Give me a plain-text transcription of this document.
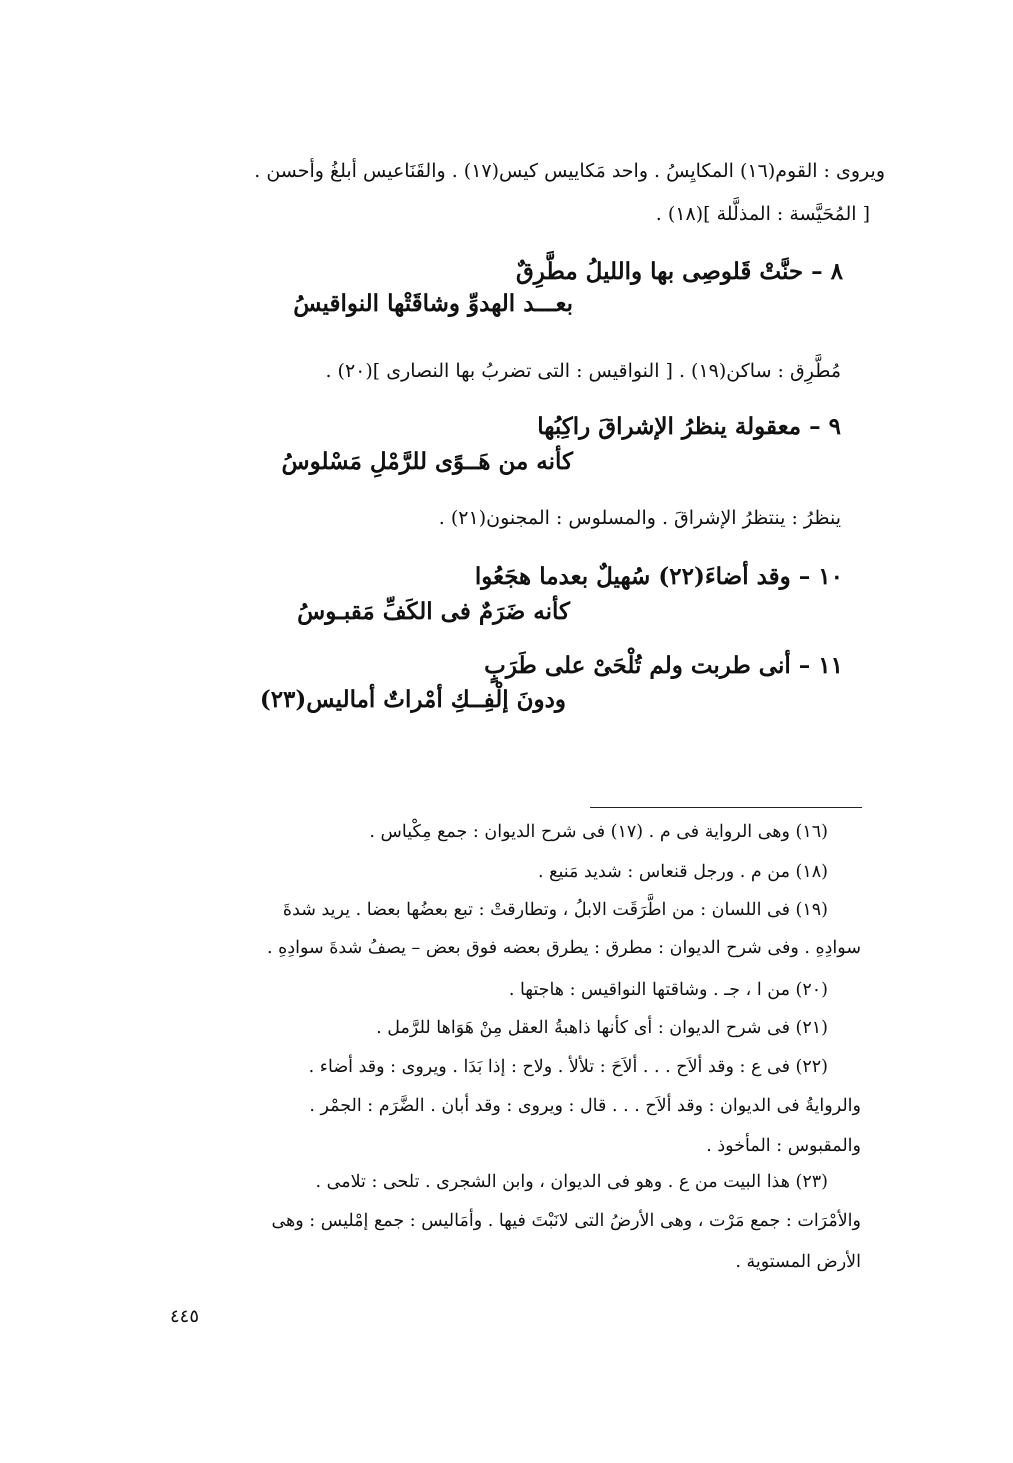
ويروى : القوم(١٦) المكايِسُ . واحد مَكاييس كيس(١٧) . والقَنَاعيس أبلغُ وأحسن .
[ المُحَيَّسة : المذلَّلة ](١٨) .
٨ – حنَّتْ قَلوصِى بها والليلُ مطَّرِقٌ
بعـــد الهدوِّ وشاقَتْها النواقيسُ
مُطَّرِق : ساكن(١٩) . [ النواقيس : التى تضربُ بها النصارى ](٢٠) .
٩ – معقولة ينظرُ الإشراقَ راكِبُها
كأنه من هَــوًى للرَّمْلِ مَسْلوسُ
ينظرُ : ينتظرُ الإشراقَ . والمسلوس : المجنون(٢١) .
١٠ – وقد أضاءَ(٢٢) سُهيلٌ بعدما هجَعُوا
كأنه ضَرَمٌ فى الكَفِّ مَقبـوسُ
١١ – أنى طربت ولم تُلْحَىْ على طَرَبٍ
ودونَ إلْفِــكِ أمْراتٌ أماليس(٢٣)
(١٦) وهى الرواية فى م . (١٧) فى شرح الديوان : جمع مِكْياس .
(١٨) من م . ورجل قنعاس : شديد مَنيع .
(١٩) فى اللسان : من اطَّرَقَت الابلُ ، وتطارقتْ : تبع بعضُها بعضا . يريد شدةَ
سوادِهِ . وفى شرح الديوان : مطرق : يطرق بعضه فوق بعض – يصفُ شدةَ سوادِهِ .
(٢٠) من ا ، جـ . وشاقتها النواقيس : هاجتها .
(٢١) فى شرح الديوان : أى كأنها ذاهبةُ العقل مِنْ هَوَاها للرَّمل .
(٢٢) فى ع : وقد ألاَح . . . ألاَحَ : تلألأ . ولاح : إذا بَدَا . ويروى : وقد أضاء .
والروايةُ فى الديوان : وقد ألاَح . . . قال : ويروى : وقد أبان . الضَّرَم : الجمْر .
والمقبوس : المأخوذ .
(٢٣) هذا البيت من ع . وهو فى الديوان ، وابن الشجرى . تلحى : تلامى .
والأمْرَات : جمع مَرْت ، وهى الأرضُ التى لانَبْتَ فيها . وأمَاليس : جمع إمْليس : وهى
الأرض المستوية .
٤٤٥
